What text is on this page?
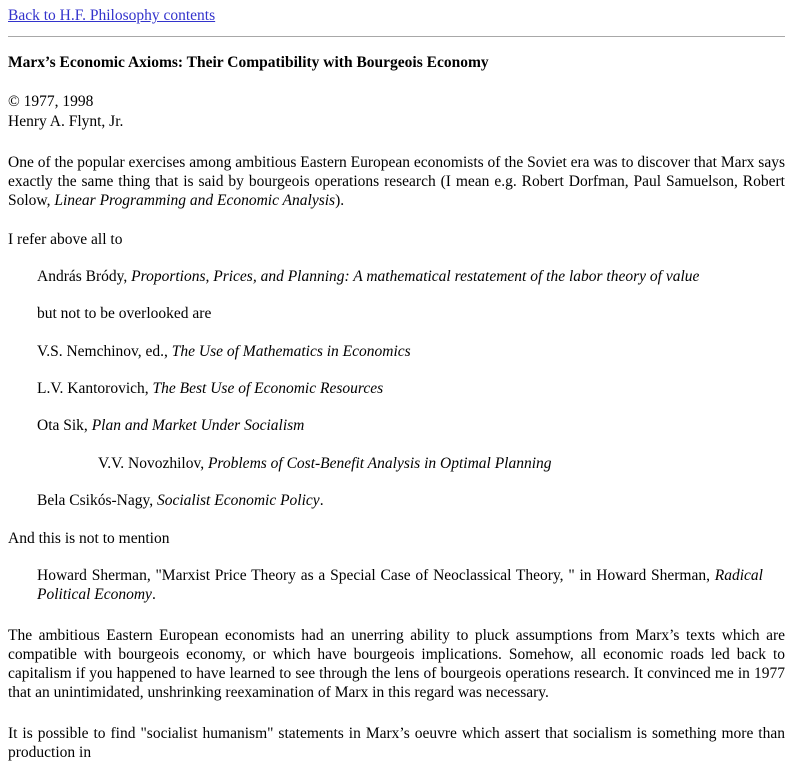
Back to H.F. Philosophy contents
Marx’s Economic Axioms: Their Compatibility with Bourgeois Economy
© 1977, 1998
Henry A. Flynt, Jr.

One of the popular exercises among ambitious Eastern European economists of the Soviet era was to discover that Marx says exactly the same thing that is said by bourgeois operations research (I mean e.g. Robert Dorfman, Paul Samuelson, Robert Solow, Linear Programming and Economic Analysis).

I refer above all to

András Bródy, Proportions, Prices, and Planning: A mathematical restatement of the labor theory of value

but not to be overlooked are

V.S. Nemchinov, ed., The Use of Mathematics in Economics

L.V. Kantorovich, The Best Use of Economic Resources

Ota Sik, Plan and Market Under Socialism

V.V. Novozhilov, Problems of Cost-Benefit Analysis in Optimal Planning

Bela Csikós-Nagy, Socialist Economic Policy.

And this is not to mention

Howard Sherman, "Marxist Price Theory as a Special Case of Neoclassical Theory, " in Howard Sherman, Radical Political Economy.

The ambitious Eastern European economists had an unerring ability to pluck assumptions from Marx’s texts which are compatible with bourgeois economy, or which have bourgeois implications. Somehow, all economic roads led back to capitalism if you happened to have learned to see through the lens of bourgeois operations research. It convinced me in 1977 that an unintimidated, unshrinking reexamination of Marx in this regard was necessary.

It is possible to find "socialist humanism" statements in Marx’s oeuvre which assert that socialism is something more than production in
